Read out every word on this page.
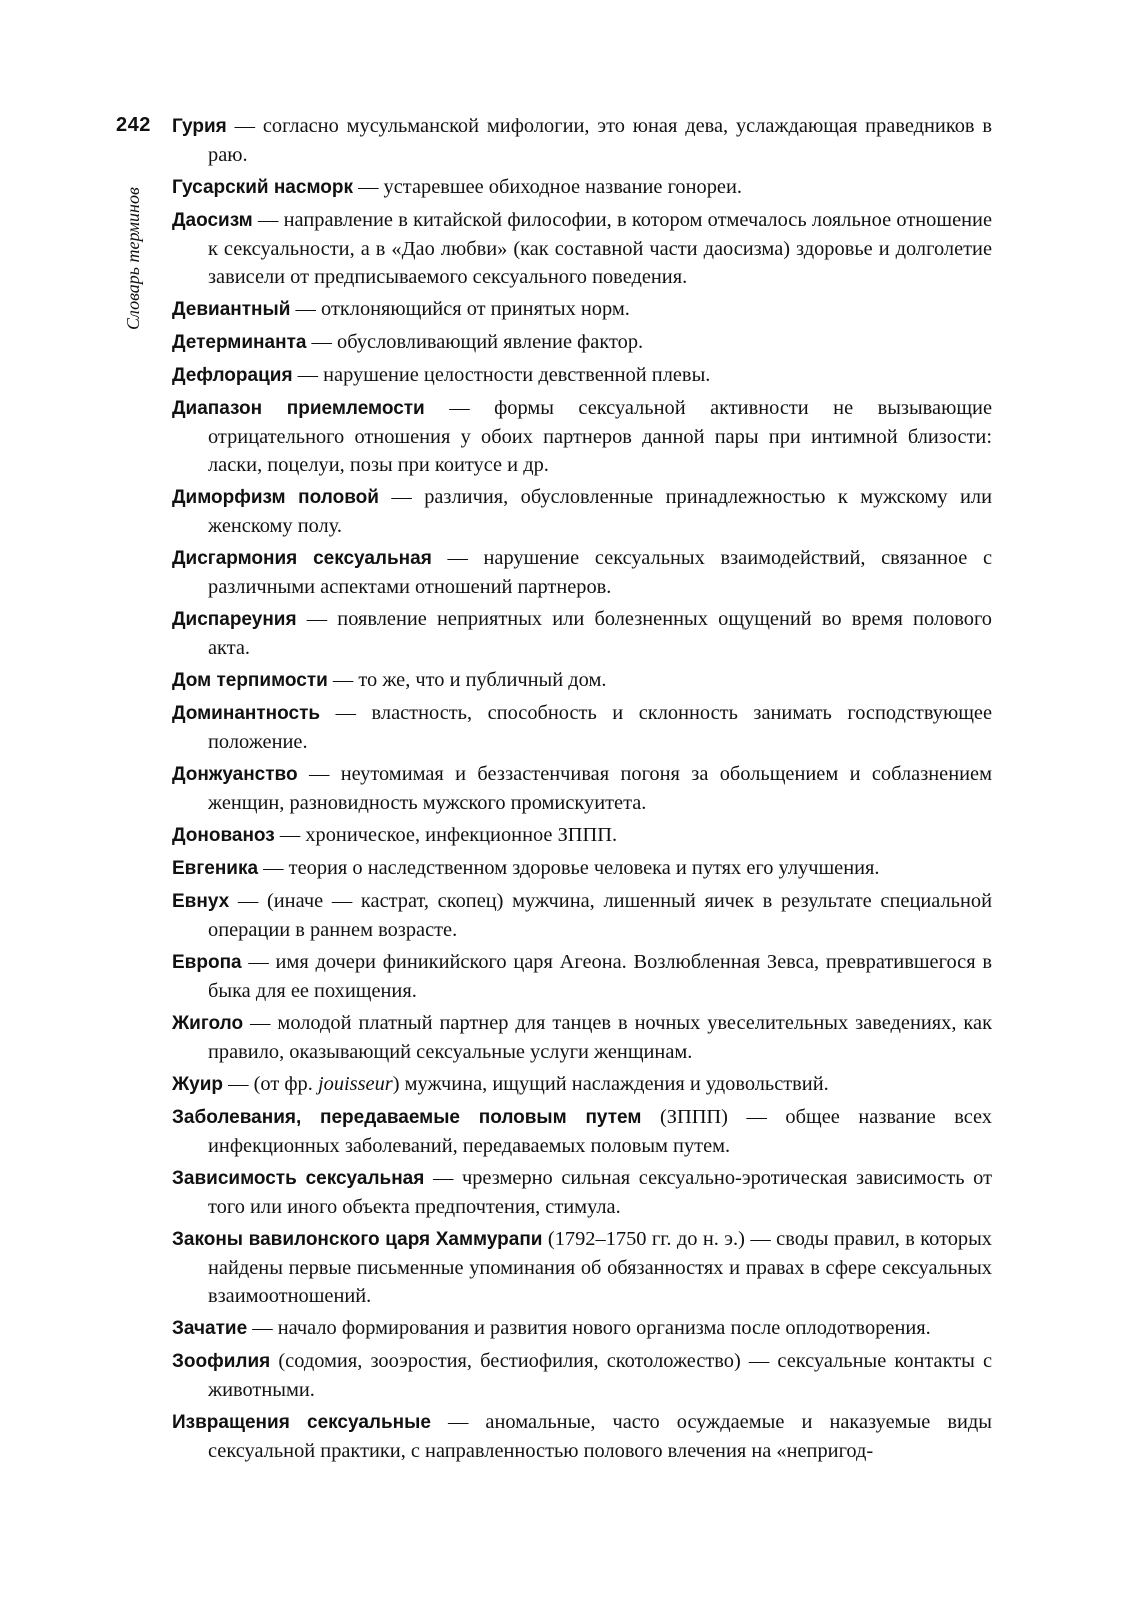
242
Словарь терминов

Гурия — согласно мусульманской мифологии, это юная дева, услаждающая праведников в раю.

Гусарский насморк — устаревшее обиходное название гонореи.

Даосизм — направление в китайской философии, в котором отмечалось лояльное отношение к сексуальности, а в «Дао любви» (как составной части даосизма) здоровье и долголетие зависели от предписываемого сексуального поведения.

Девиантный — отклоняющийся от принятых норм.

Детерминанта — обусловливающий явление фактор.

Дефлорация — нарушение целостности девственной плевы.

Диапазон приемлемости — формы сексуальной активности не вызывающие отрицательного отношения у обоих партнеров данной пары при интимной близости: ласки, поцелуи, позы при коитусе и др.

Диморфизм половой — различия, обусловленные принадлежностью к мужскому или женскому полу.

Дисгармония сексуальная — нарушение сексуальных взаимодействий, связанное с различными аспектами отношений партнеров.

Диспареуния — появление неприятных или болезненных ощущений во время полового акта.

Дом терпимости — то же, что и публичный дом.

Доминантность — властность, способность и склонность занимать господствующее положение.

Донжуанство — неутомимая и беззастенчивая погоня за обольщением и соблазнением женщин, разновидность мужского промискуитета.

Донованоз — хроническое, инфекционное ЗППП.

Евгеника — теория о наследственном здоровье человека и путях его улучшения.

Евнух — (иначе — кастрат, скопец) мужчина, лишенный яичек в результате специальной операции в раннем возрасте.

Европа — имя дочери финикийского царя Агеона. Возлюбленная Зевса, превратившегося в быка для ее похищения.

Жиголо — молодой платный партнер для танцев в ночных увеселительных заведениях, как правило, оказывающий сексуальные услуги женщинам.

Жуир — (от фр. jouisseur) мужчина, ищущий наслаждения и удовольствий.

Заболевания, передаваемые половым путем (ЗППП) — общее название всех инфекционных заболеваний, передаваемых половым путем.

Зависимость сексуальная — чрезмерно сильная сексуально-эротическая зависимость от того или иного объекта предпочтения, стимула.

Законы вавилонского царя Хаммурапи (1792–1750 гг. до н. э.) — своды правил, в которых найдены первые письменные упоминания об обязанностях и правах в сфере сексуальных взаимоотношений.

Зачатие — начало формирования и развития нового организма после оплодотворения.

Зоофилия (содомия, зооэростия, бестиофилия, скотоложество) — сексуальные контакты с животными.

Извращения сексуальные — аномальные, часто осуждаемые и наказуемые виды сексуальной практики, с направленностью полового влечения на «непригод-
